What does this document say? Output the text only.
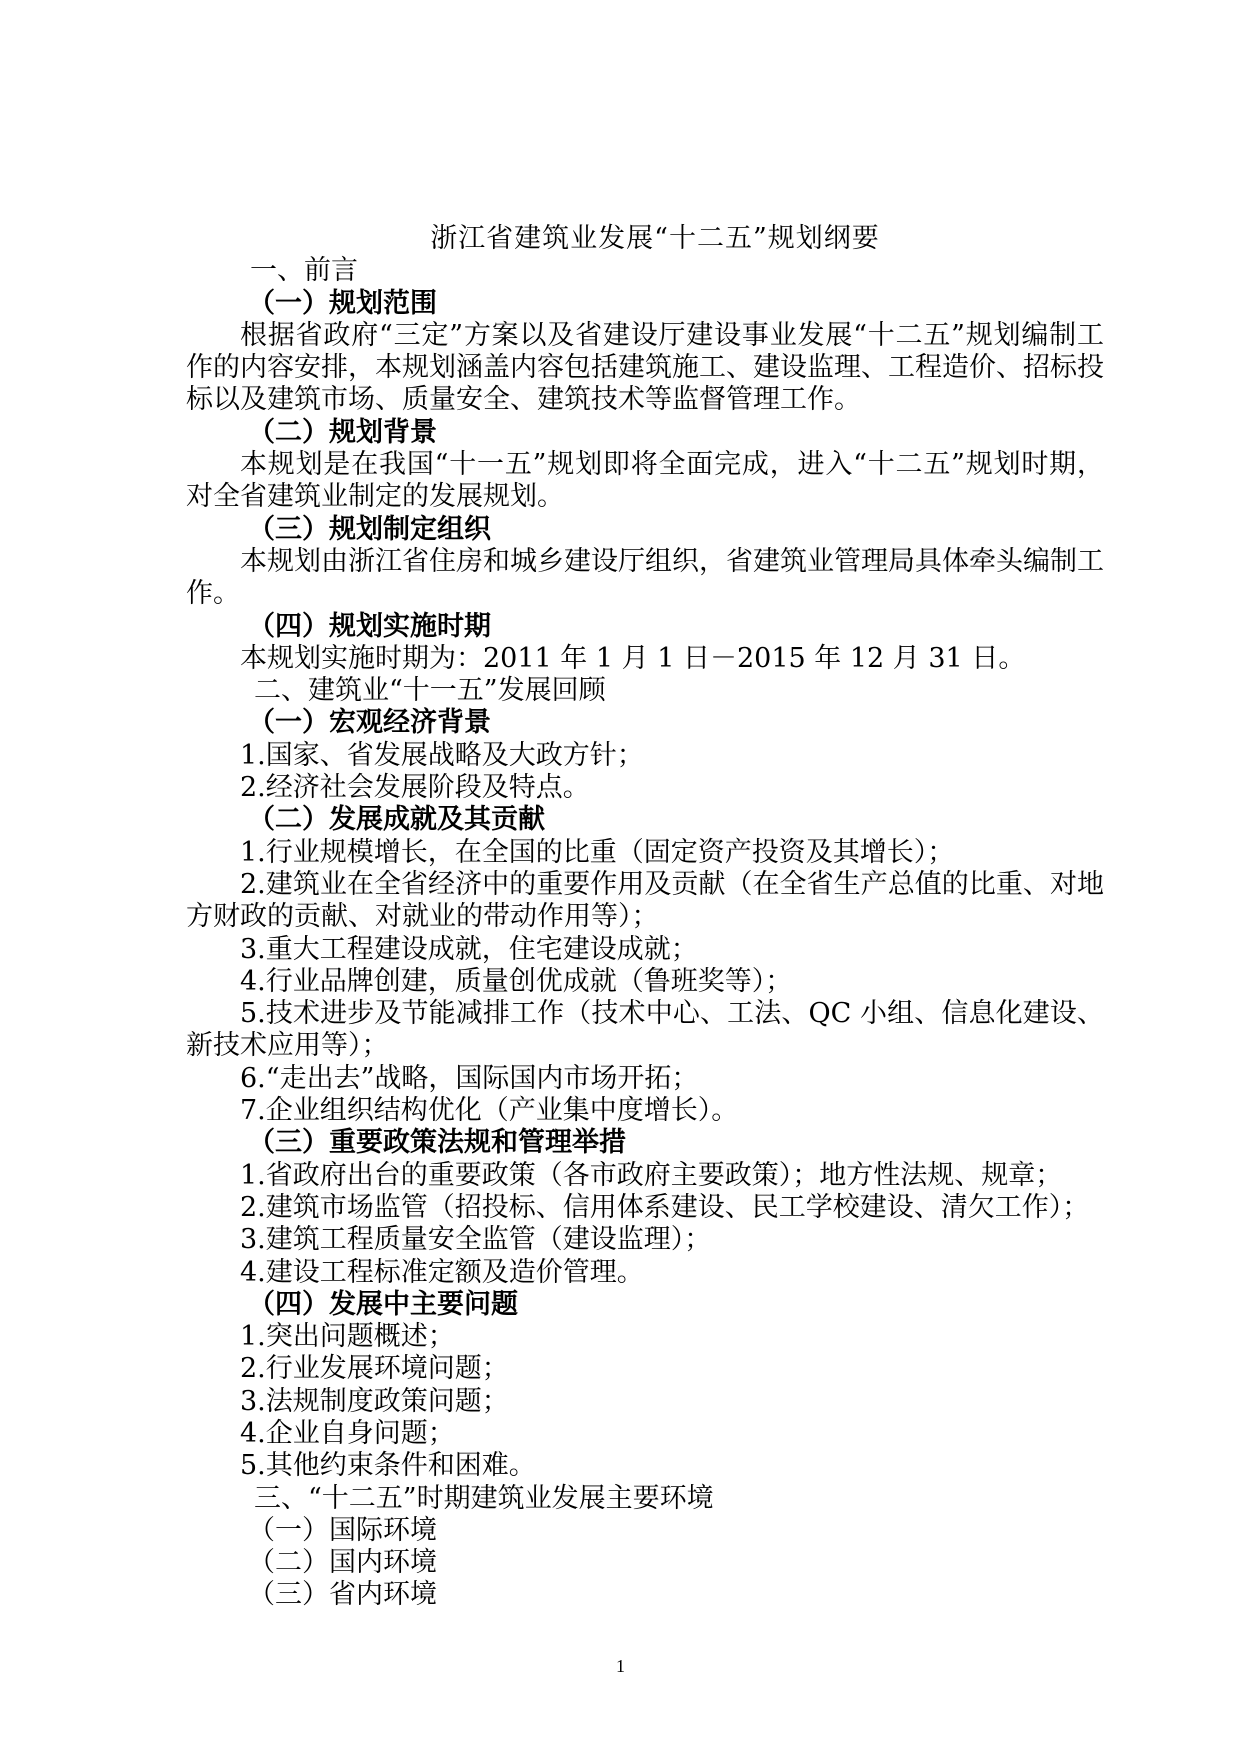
浙江省建筑业发展“十二五”规划纲要

一、前言

（一）规划范围

根据省政府“三定”方案以及省建设厅建设事业发展“十二五”规划编制工作的内容安排，本规划涵盖内容包括建筑施工、建设监理、工程造价、招标投标以及建筑市场、质量安全、建筑技术等监督管理工作。

（二）规划背景

本规划是在我国“十一五”规划即将全面完成，进入“十二五”规划时期，对全省建筑业制定的发展规划。

（三）规划制定组织

本规划由浙江省住房和城乡建设厅组织，省建筑业管理局具体牵头编制工作。

（四）规划实施时期

本规划实施时期为：2011 年 1 月 1 日－2015 年 12 月 31 日。

二、建筑业“十一五”发展回顾

（一）宏观经济背景

1.国家、省发展战略及大政方针；

2.经济社会发展阶段及特点。

（二）发展成就及其贡献

1.行业规模增长，在全国的比重（固定资产投资及其增长）；

2.建筑业在全省经济中的重要作用及贡献（在全省生产总值的比重、对地方财政的贡献、对就业的带动作用等）；

3.重大工程建设成就，住宅建设成就；

4.行业品牌创建，质量创优成就（鲁班奖等）；

5.技术进步及节能减排工作（技术中心、工法、QC 小组、信息化建设、新技术应用等）；

6.“走出去”战略，国际国内市场开拓；

7.企业组织结构优化（产业集中度增长）。

（三）重要政策法规和管理举措

1.省政府出台的重要政策（各市政府主要政策）；地方性法规、规章；

2.建筑市场监管（招投标、信用体系建设、民工学校建设、清欠工作）；

3.建筑工程质量安全监管（建设监理）；

4.建设工程标准定额及造价管理。

（四）发展中主要问题

1.突出问题概述；

2.行业发展环境问题；

3.法规制度政策问题；

4.企业自身问题；

5.其他约束条件和困难。

三、“十二五”时期建筑业发展主要环境

（一）国际环境

（二）国内环境

（三）省内环境

1
